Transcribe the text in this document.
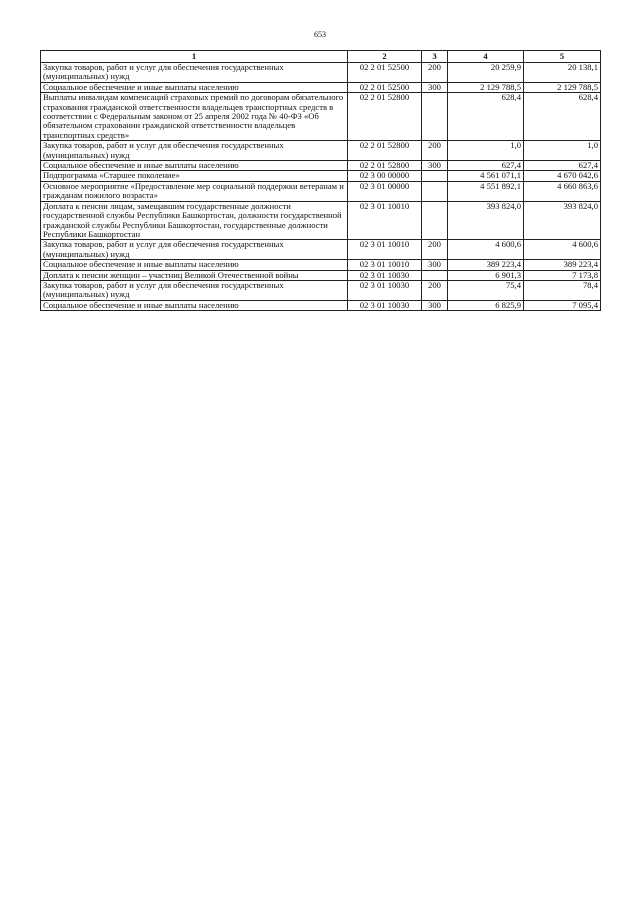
653
1	2	3	4	5
Закупка товаров, работ и услуг для обеспечения государственных (муниципальных) нужд	02 2 01 52500	200	20 259,9	20 138,1
Социальное обеспечение и иные выплаты населению	02 2 01 52500	300	2 129 788,5	2 129 788,5
Выплаты инвалидам компенсаций страховых премий по договорам обязательного страхования гражданской ответственности владельцев транспортных средств в соответствии с Федеральным законом от 25 апреля 2002 года № 40-ФЗ «Об обязательном страховании гражданской ответственности владельцев транспортных средств»	02 2 01 52800		628,4	628,4
Закупка товаров, работ и услуг для обеспечения государственных (муниципальных) нужд	02 2 01 52800	200	1,0	1,0
Социальное обеспечение и иные выплаты населению	02 2 01 52800	300	627,4	627,4
Подпрограмма «Старшее поколение»	02 3 00 00000		4 561 071,1	4 670 042,6
Основное мероприятие «Предоставление мер социальной поддержки ветеранам и гражданам пожилого возраста»	02 3 01 00000		4 551 892,1	4 660 863,6
Доплата к пенсии лицам, замещавшим государственные должности государственной службы Республики Башкортостан, должности государственной гражданской службы Республики Башкортостан, государственные должности Республики Башкортостан	02 3 01 10010		393 824,0	393 824,0
Закупка товаров, работ и услуг для обеспечения государственных (муниципальных) нужд	02 3 01 10010	200	4 600,6	4 600,6
Социальное обеспечение и иные выплаты населению	02 3 01 10010	300	389 223,4	389 223,4
Доплата к пенсии женщин – участниц Великой Отечественной войны	02 3 01 10030		6 901,3	7 173,8
Закупка товаров, работ и услуг для обеспечения государственных (муниципальных) нужд	02 3 01 10030	200	75,4	78,4
Социальное обеспечение и иные выплаты населению	02 3 01 10030	300	6 825,9	7 095,4
